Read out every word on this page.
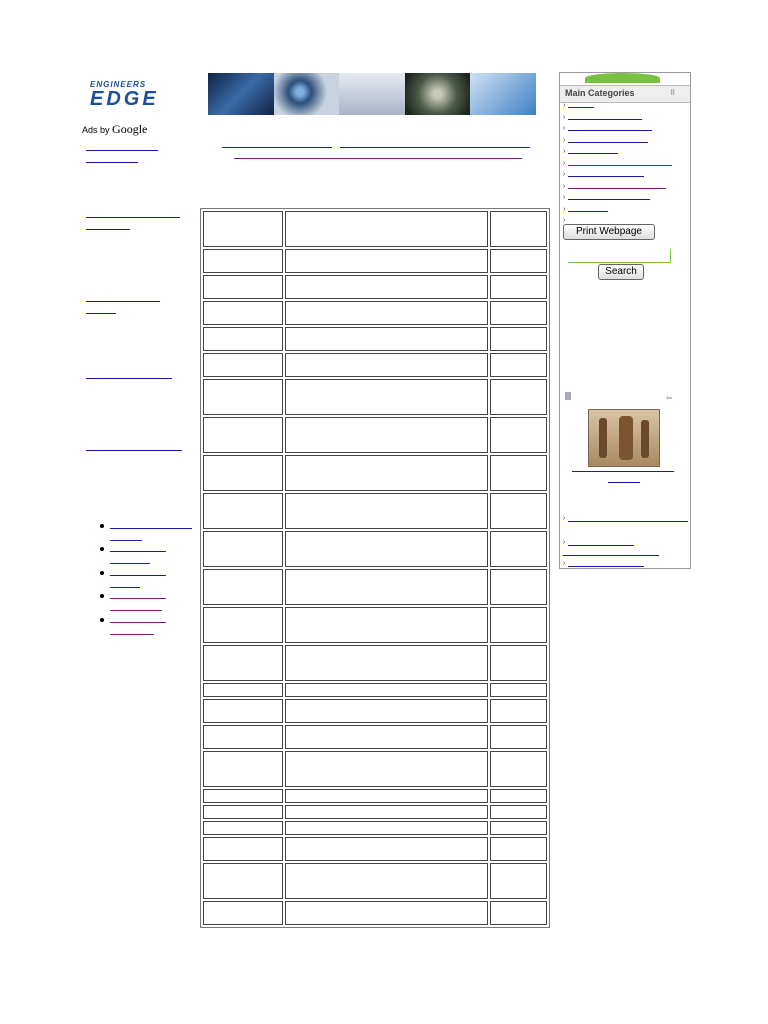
ENGINEERS
EDGE
Ads by Google

Main Categories	⠿
›
›
›
›
›
›
›
›
›
›
›
Print Webpage
Search
⇦
›
›
›
